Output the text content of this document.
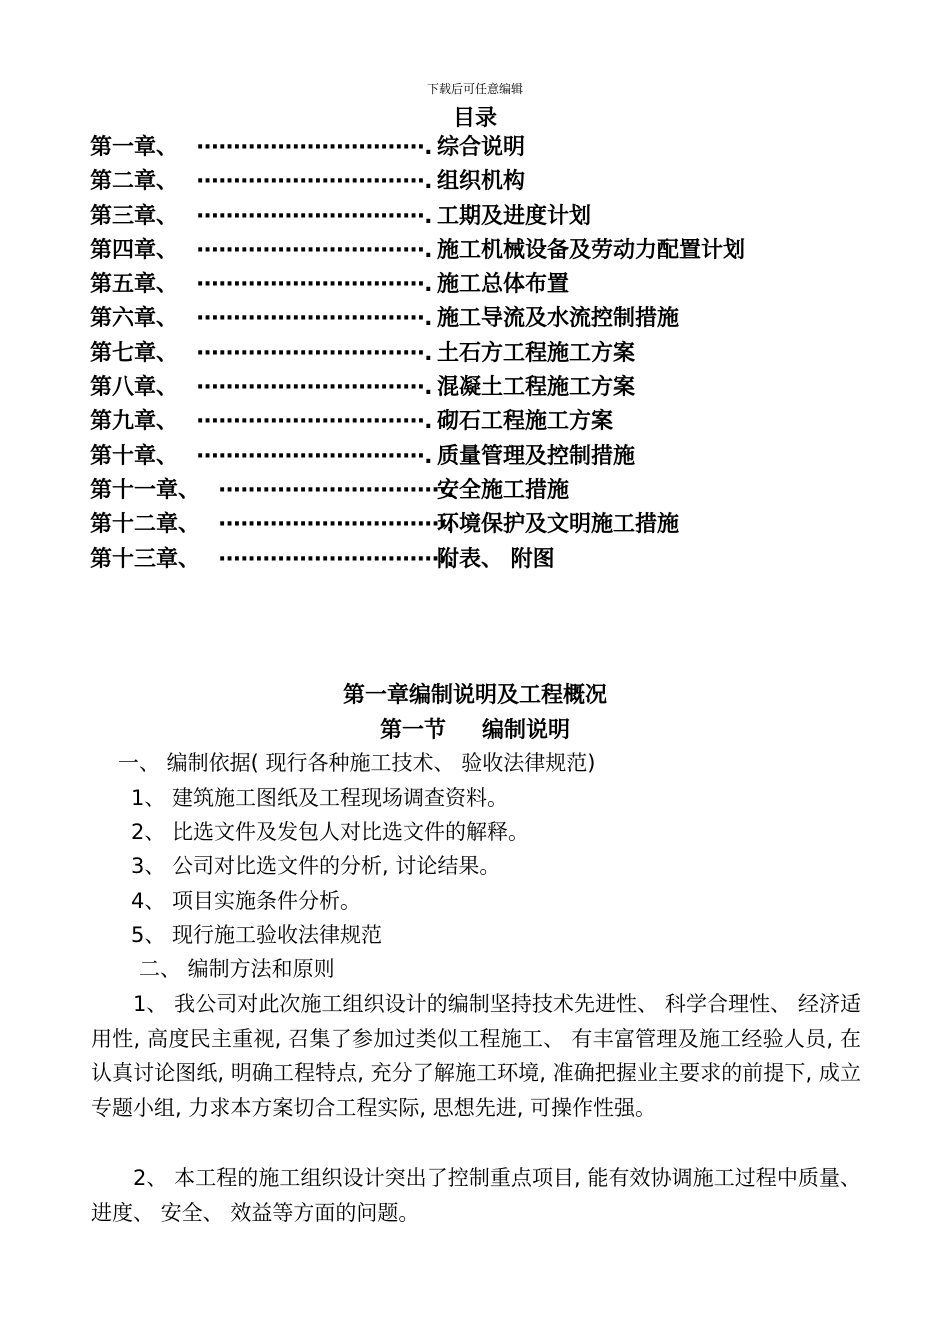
下载后可任意编辑
目录
第一章、 ·······························. 综合说明
第二章、 ·······························. 组织机构
第三章、 ·······························. 工期及进度计划
第四章、 ·······························. 施工机械设备及劳动力配置计划
第五章、 ·······························. 施工总体布置
第六章、 ·······························. 施工导流及水流控制措施
第七章、 ·······························. 土石方工程施工方案
第八章、 ·······························. 混凝土工程施工方案
第九章、 ·······························. 砌石工程施工方案
第十章、 ·······························. 质量管理及控制措施
第十一章、 ·······························.
安全施工措施
第十二章、 ·······························.
环境保护及文明施工措施
第十三章、 ·······························.
附表、 附图
第一章编制说明及工程概况
第一节 编制说明
一、 编制依据( 现行各种施工技术、 验收法律规范)
1、 建筑施工图纸及工程现场调查资料。
2、 比选文件及发包人对比选文件的解释。
3、 公司对比选文件的分析, 讨论结果。
4、 项目实施条件分析。
5、 现行施工验收法律规范
二、 编制方法和原则
1、 我公司对此次施工组织设计的编制坚持技术先进性、 科学合理性、 经济适用性, 高度民主重视, 召集了参加过类似工程施工、 有丰富管理及施工经验人员, 在认真讨论图纸, 明确工程特点, 充分了解施工环境, 准确把握业主要求的前提下, 成立专题小组, 力求本方案切合工程实际, 思想先进, 可操作性强。
2、 本工程的施工组织设计突出了控制重点项目, 能有效协调施工过程中质量、 进度、 安全、 效益等方面的问题。
